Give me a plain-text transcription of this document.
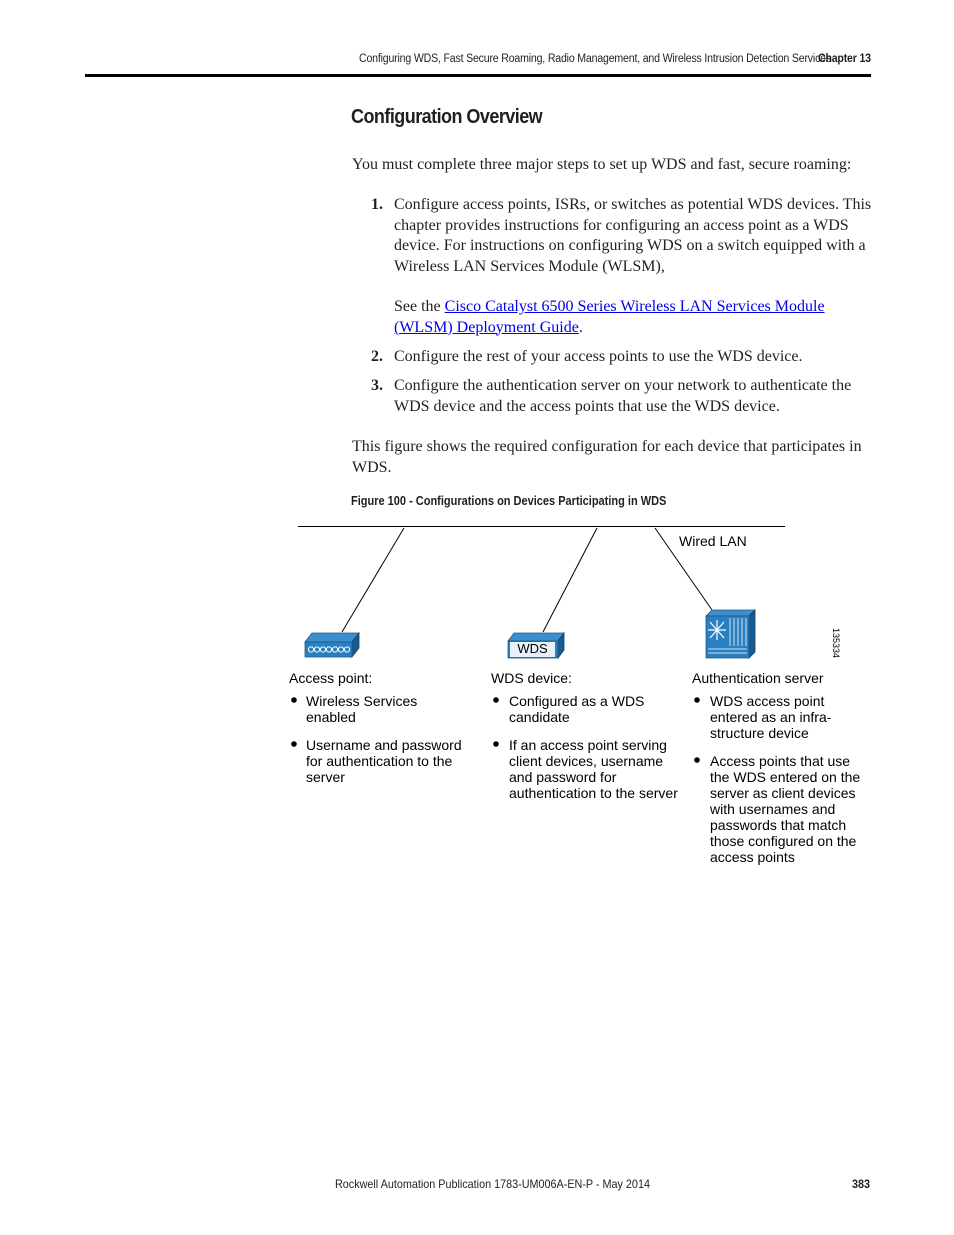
Configuring WDS, Fast Secure Roaming, Radio Management, and Wireless Intrusion Detection Services
Chapter 13
Configuration Overview
You must complete three major steps to set up WDS and fast, secure roaming:
1. Configure access points, ISRs, or switches as potential WDS devices. This
chapter provides instructions for configuring an access point as a WDS
device. For instructions on configuring WDS on a switch equipped with a
Wireless LAN Services Module (WLSM),
See the Cisco Catalyst 6500 Series Wireless LAN Services Module
(WLSM) Deployment Guide.
2. Configure the rest of your access points to use the WDS device.
3. Configure the authentication server on your network to authenticate the
WDS device and the access points that use the WDS device.
This figure shows the required configuration for each device that participates in
WDS.
Figure 100 - Configurations on Devices Participating in WDS
Wired LAN
WDS	135334
Access point:
Wireless Services
enabled
Username and password
for authentication to the
server
WDS device:
Configured as a WDS
candidate
If an access point serving
client devices, username
and password for
authentication to the server
Authentication server
WDS access point
entered as an infra-
structure device
Access points that use
the WDS entered on the
server as client devices
with usernames and
passwords that match
those configured on the
access points
Rockwell Automation Publication 1783-UM006A-EN-P - May 2014	383
